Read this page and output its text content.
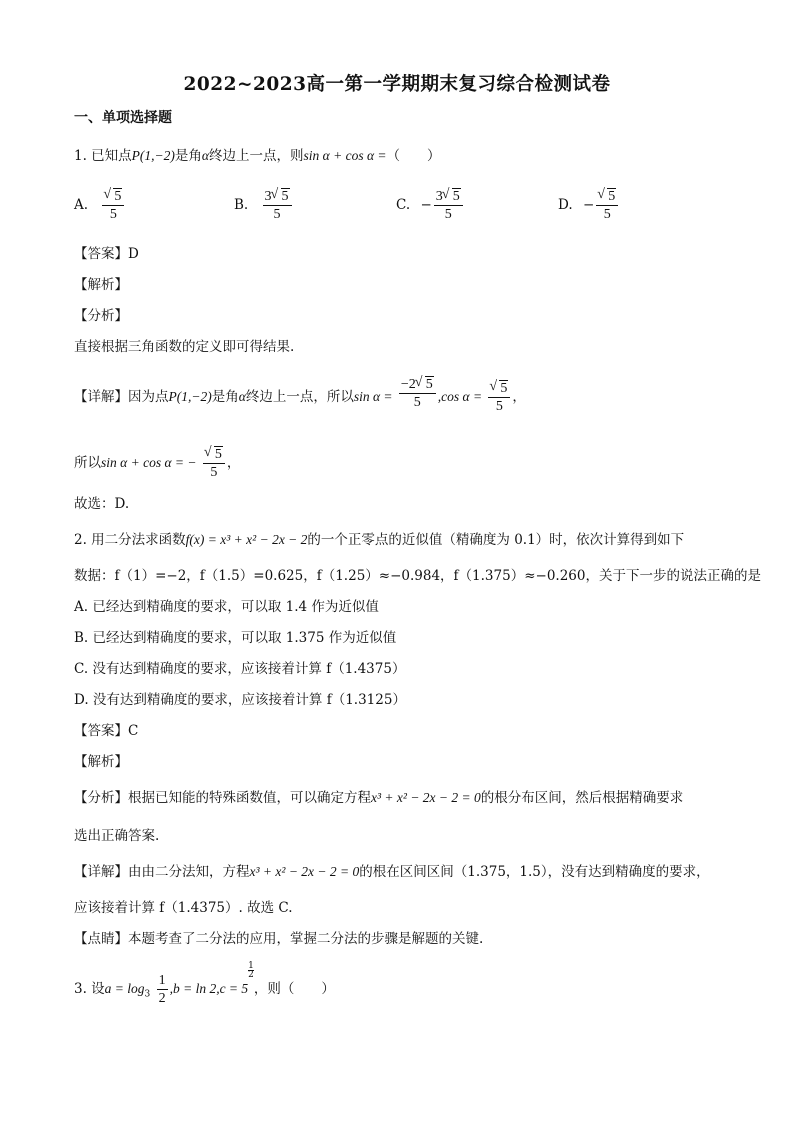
2022~2023高一第一学期期末复习综合检测试卷
一、单项选择题
1. 已知点P(1,−2)是角α终边上一点，则sin α + cos α =（　　）
A. √ $\frac{5}{5}$	B. $\frac{3 √ 5}{5}$	C. − $\frac{3 √ 5}{5}$	D. − √ $\frac{5}{5}$
【答案】D
【解析】
【分析】
直接根据三角函数的定义即可得结果.
【详解】因为点P(1,−2)是角α终边上一点，所以$\sin \alpha = \frac{-2 √ 5}{5} ,\cos$ α = √ $\frac{5}{5}$ ，
所以sin α + cos α = − √ $\frac{5}{5}$ ，
故选：D.
2. 用二分法求函数f(x) = x³ + x² − 2x − 2的一个正零点的近似值（精确度为 0.1）时，依次计算得到如下
数据：f（1）=−2，f（1.5）=0.625，f（1.25）≈−0.984，f（1.375）≈−0.260，关于下一步的说法正确的是
A. 已经达到精确度的要求，可以取 1.4 作为近似值
B. 已经达到精确度的要求，可以取 1.375 作为近似值
C. 没有达到精确度的要求，应该接着计算 f（1.4375）
D. 没有达到精确度的要求，应该接着计算 f（1.3125）
【答案】C
【解析】
【分析】根据已知能的特殊函数值，可以确定方程x³ + x² − 2x − 2 = 0的根分布区间，然后根据精确要求
选出正确答案.
【详解】由由二分法知，方程x³ + x² − 2x − 2 = 0的根在区间区间（1.375，1.5），没有达到精确度的要求，
应该接着计算 f（1.4375）. 故选 C.
【点睛】本题考查了二分法的应用，掌握二分法的步骤是解题的关键.
3. 设$a = \log_3 \frac{1}{2} ,b = \ln 2,c = 5$
$^{\frac{1}{2}}$
，则（　　）
